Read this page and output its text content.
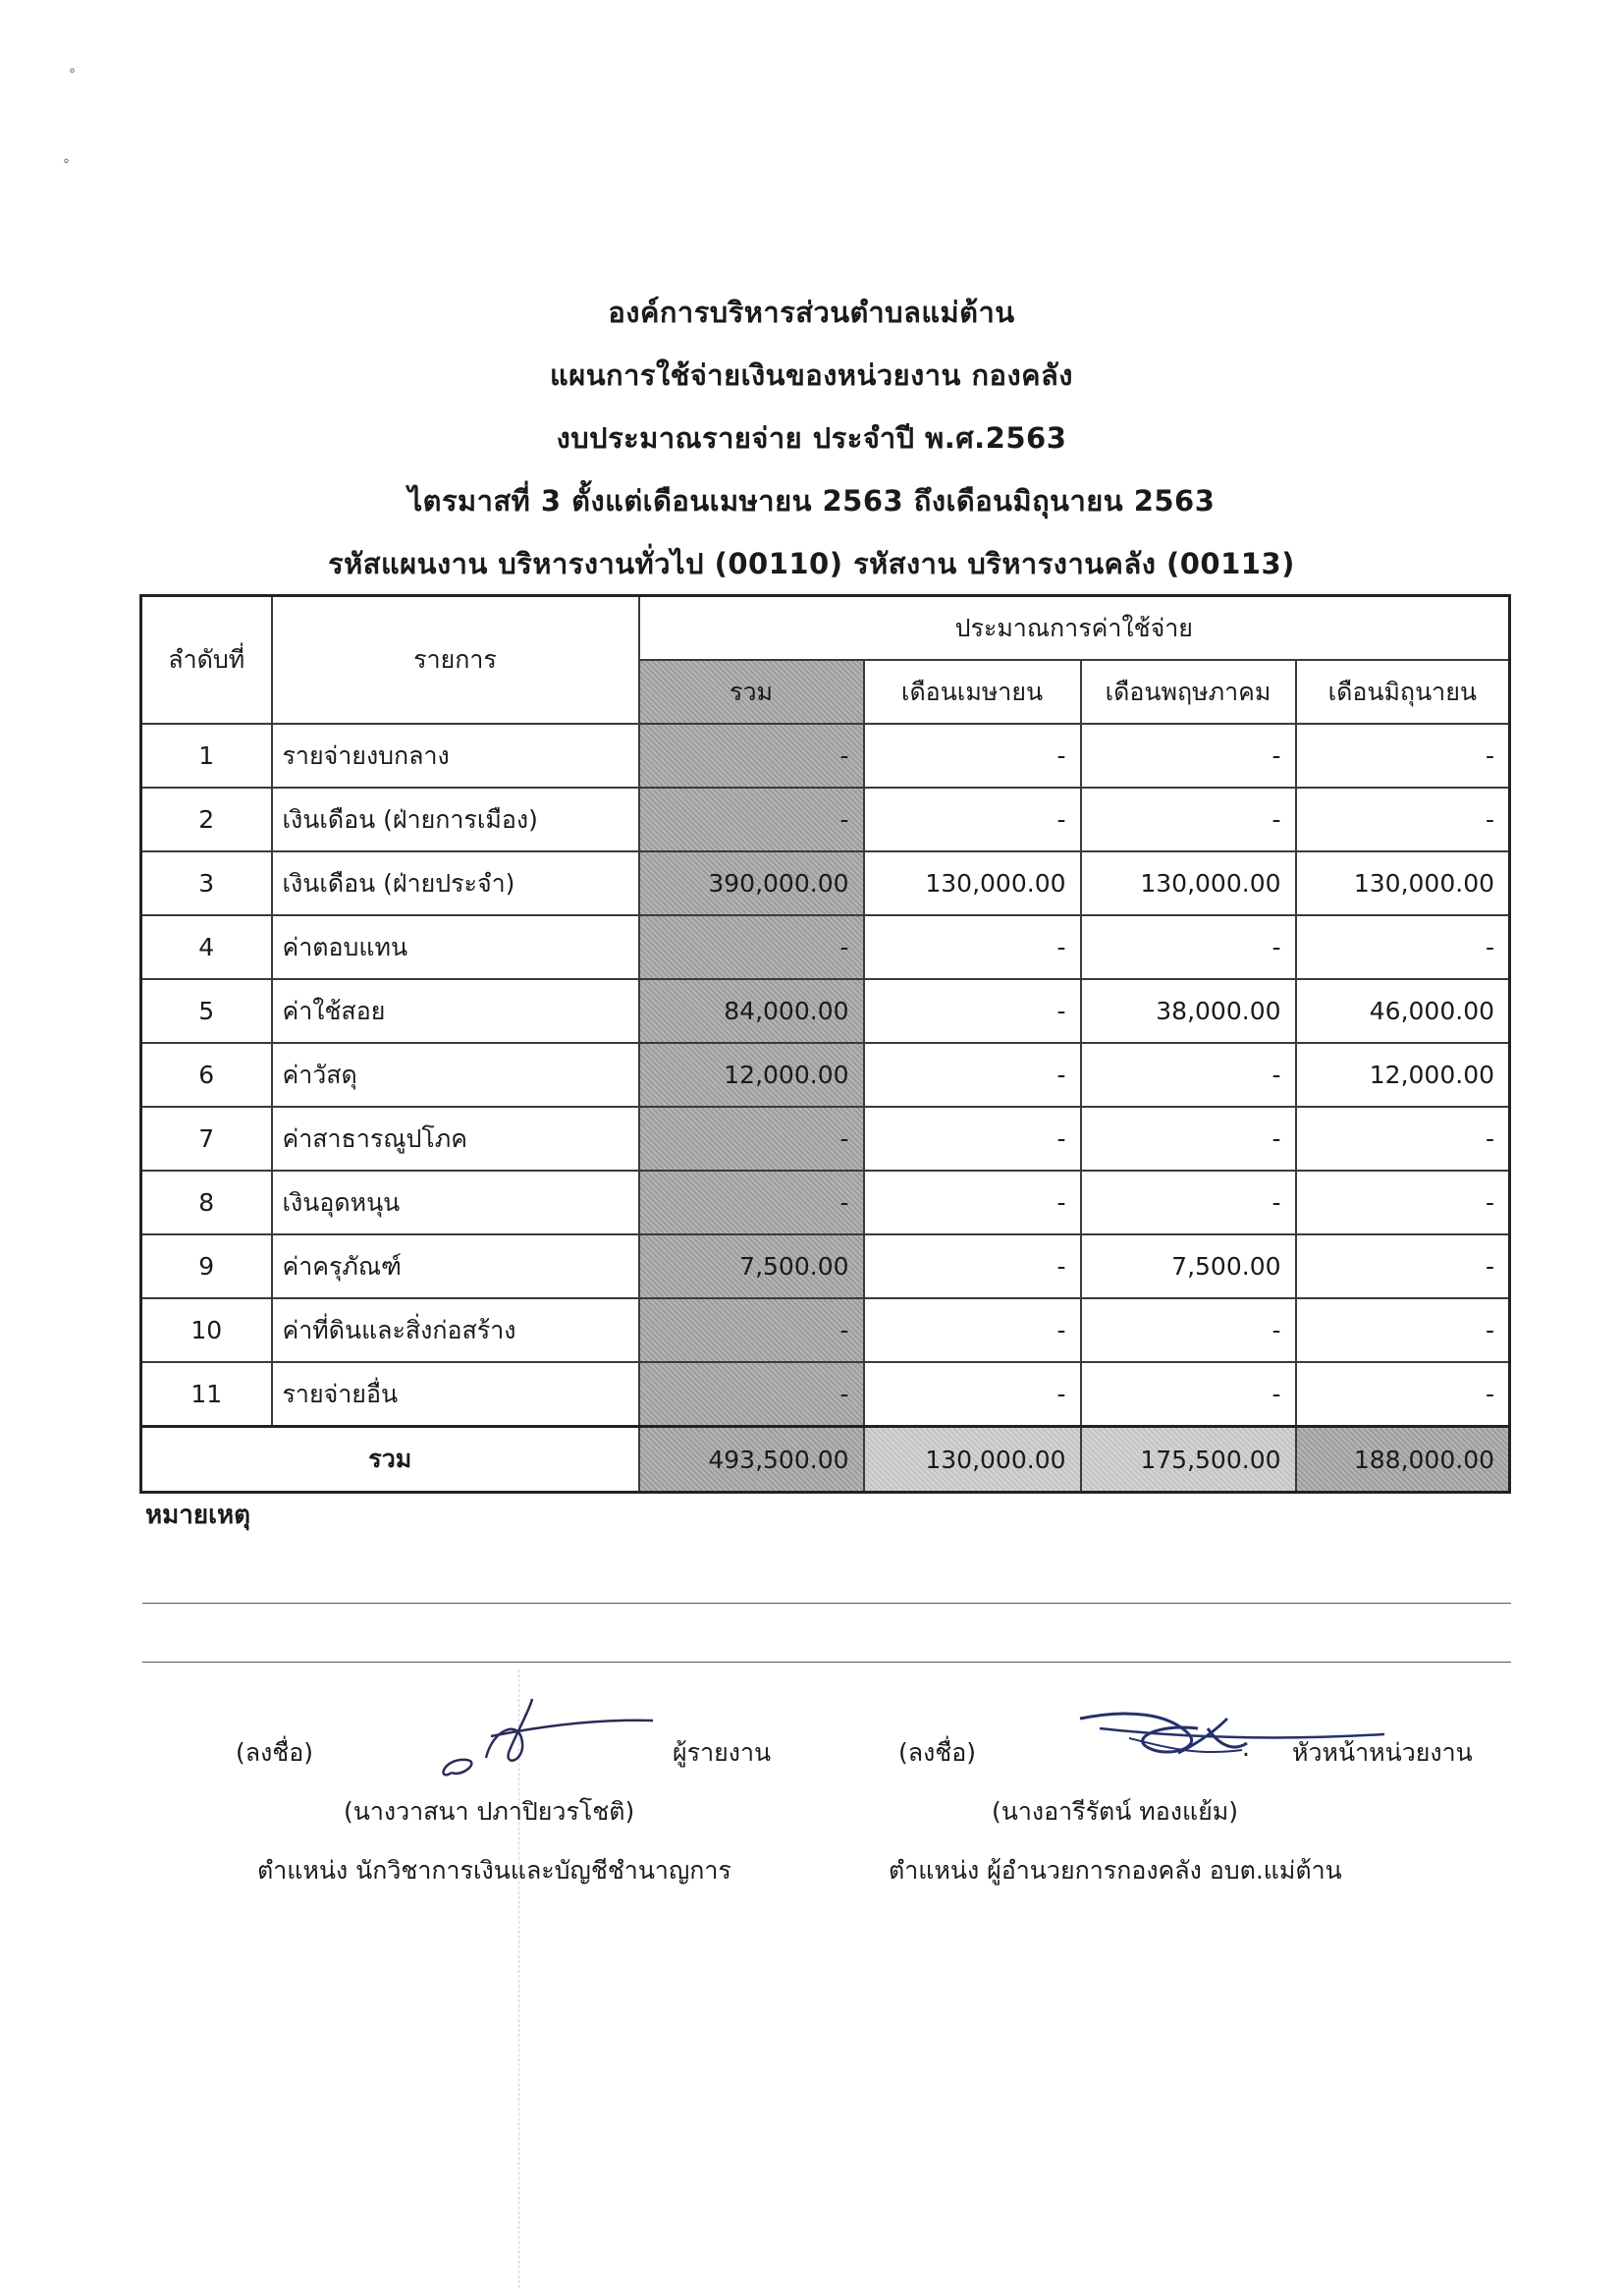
°
°
องค์การบริหารส่วนตำบลแม่ต้าน
แผนการใช้จ่ายเงินของหน่วยงาน กองคลัง
งบประมาณรายจ่าย ประจำปี พ.ศ.2563
ไตรมาสที่ 3 ตั้งแต่เดือนเมษายน 2563 ถึงเดือนมิถุนายน 2563
รหัสแผนงาน บริหารงานทั่วไป (00110) รหัสงาน บริหารงานคลัง (00113)
ลำดับที่	รายการ	ประมาณการค่าใช้จ่าย			
		รวม	เดือนเมษายน	เดือนพฤษภาคม	เดือนมิถุนายน
1	รายจ่ายงบกลาง	-	-	-	-
2	เงินเดือน (ฝ่ายการเมือง)	-	-	-	-
3	เงินเดือน (ฝ่ายประจำ)	390,000.00	130,000.00	130,000.00	130,000.00
4	ค่าตอบแทน	-	-	-	-
5	ค่าใช้สอย	84,000.00	-	38,000.00	46,000.00
6	ค่าวัสดุ	12,000.00	-	-	12,000.00
7	ค่าสาธารณูปโภค	-	-	-	-
8	เงินอุดหนุน	-	-	-	-
9	ค่าครุภัณฑ์	7,500.00	-	7,500.00	-
10	ค่าที่ดินและสิ่งก่อสร้าง	-	-	-	-
11	รายจ่ายอื่น	-	-	-	-
รวม		493,500.00	130,000.00	175,500.00	188,000.00
หมายเหตุ
(ลงชื่อ)	ผู้รายงาน
(นางวาสนา ปภาปิยวรโชติ)
ตำแหน่ง นักวิชาการเงินและบัญชีชำนาญการ
(ลงชื่อ)	. หัวหน้าหน่วยงาน
(นางอารีรัตน์ ทองแย้ม)
ตำแหน่ง ผู้อำนวยการกองคลัง อบต.แม่ต้าน
